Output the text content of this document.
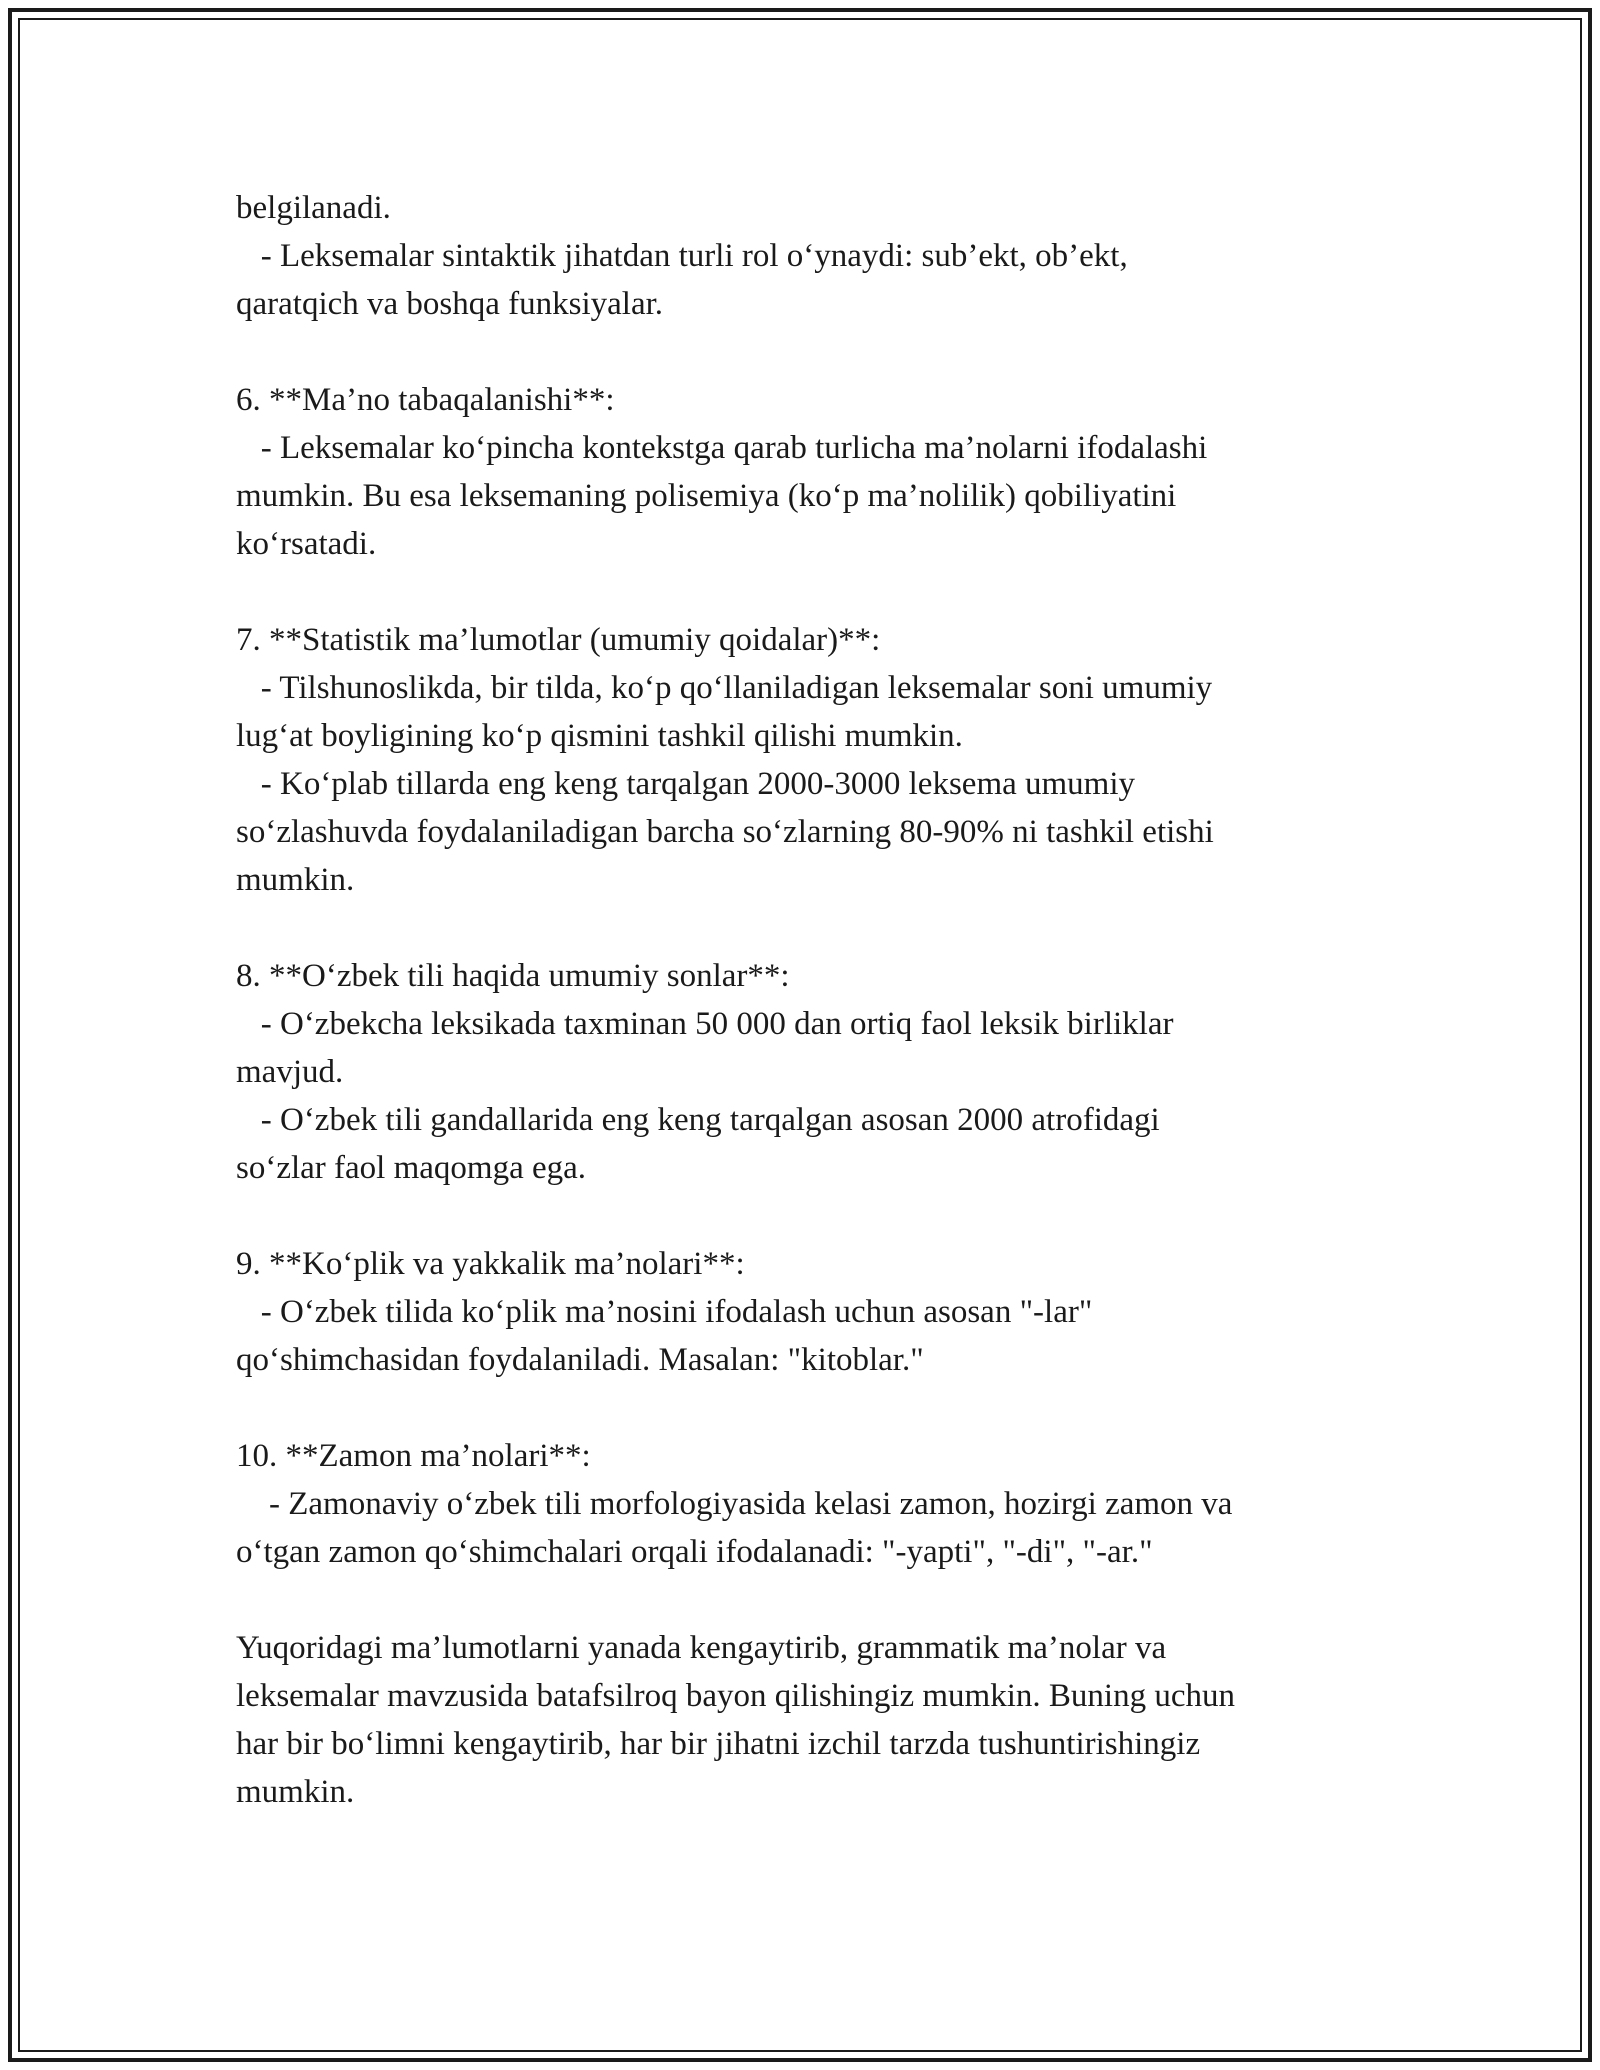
belgilanadi.
- Leksemalar sintaktik jihatdan turli rol o‘ynaydi: sub’ekt, ob’ekt,
qaratqich va boshqa funksiyalar.
6. **Ma’no tabaqalanishi**:
- Leksemalar ko‘pincha kontekstga qarab turlicha ma’nolarni ifodalashi
mumkin. Bu esa leksemaning polisemiya (ko‘p ma’nolilik) qobiliyatini
ko‘rsatadi.
7. **Statistik ma’lumotlar (umumiy qoidalar)**:
- Tilshunoslikda, bir tilda, ko‘p qo‘llaniladigan leksemalar soni umumiy
lug‘at boyligining ko‘p qismini tashkil qilishi mumkin.
- Ko‘plab tillarda eng keng tarqalgan 2000-3000 leksema umumiy
so‘zlashuvda foydalaniladigan barcha so‘zlarning 80-90% ni tashkil etishi
mumkin.
8. **O‘zbek tili haqida umumiy sonlar**:
- O‘zbekcha leksikada taxminan 50 000 dan ortiq faol leksik birliklar
mavjud.
- O‘zbek tili gandallarida eng keng tarqalgan asosan 2000 atrofidagi
so‘zlar faol maqomga ega.
9. **Ko‘plik va yakkalik ma’nolari**:
- O‘zbek tilida ko‘plik ma’nosini ifodalash uchun asosan "-lar"
qo‘shimchasidan foydalaniladi. Masalan: "kitoblar."
10. **Zamon ma’nolari**:
- Zamonaviy o‘zbek tili morfologiyasida kelasi zamon, hozirgi zamon va
o‘tgan zamon qo‘shimchalari orqali ifodalanadi: "-yapti", "-di", "-ar."
Yuqoridagi ma’lumotlarni yanada kengaytirib, grammatik ma’nolar va
leksemalar mavzusida batafsilroq bayon qilishingiz mumkin. Buning uchun
har bir bo‘limni kengaytirib, har bir jihatni izchil tarzda tushuntirishingiz
mumkin.
